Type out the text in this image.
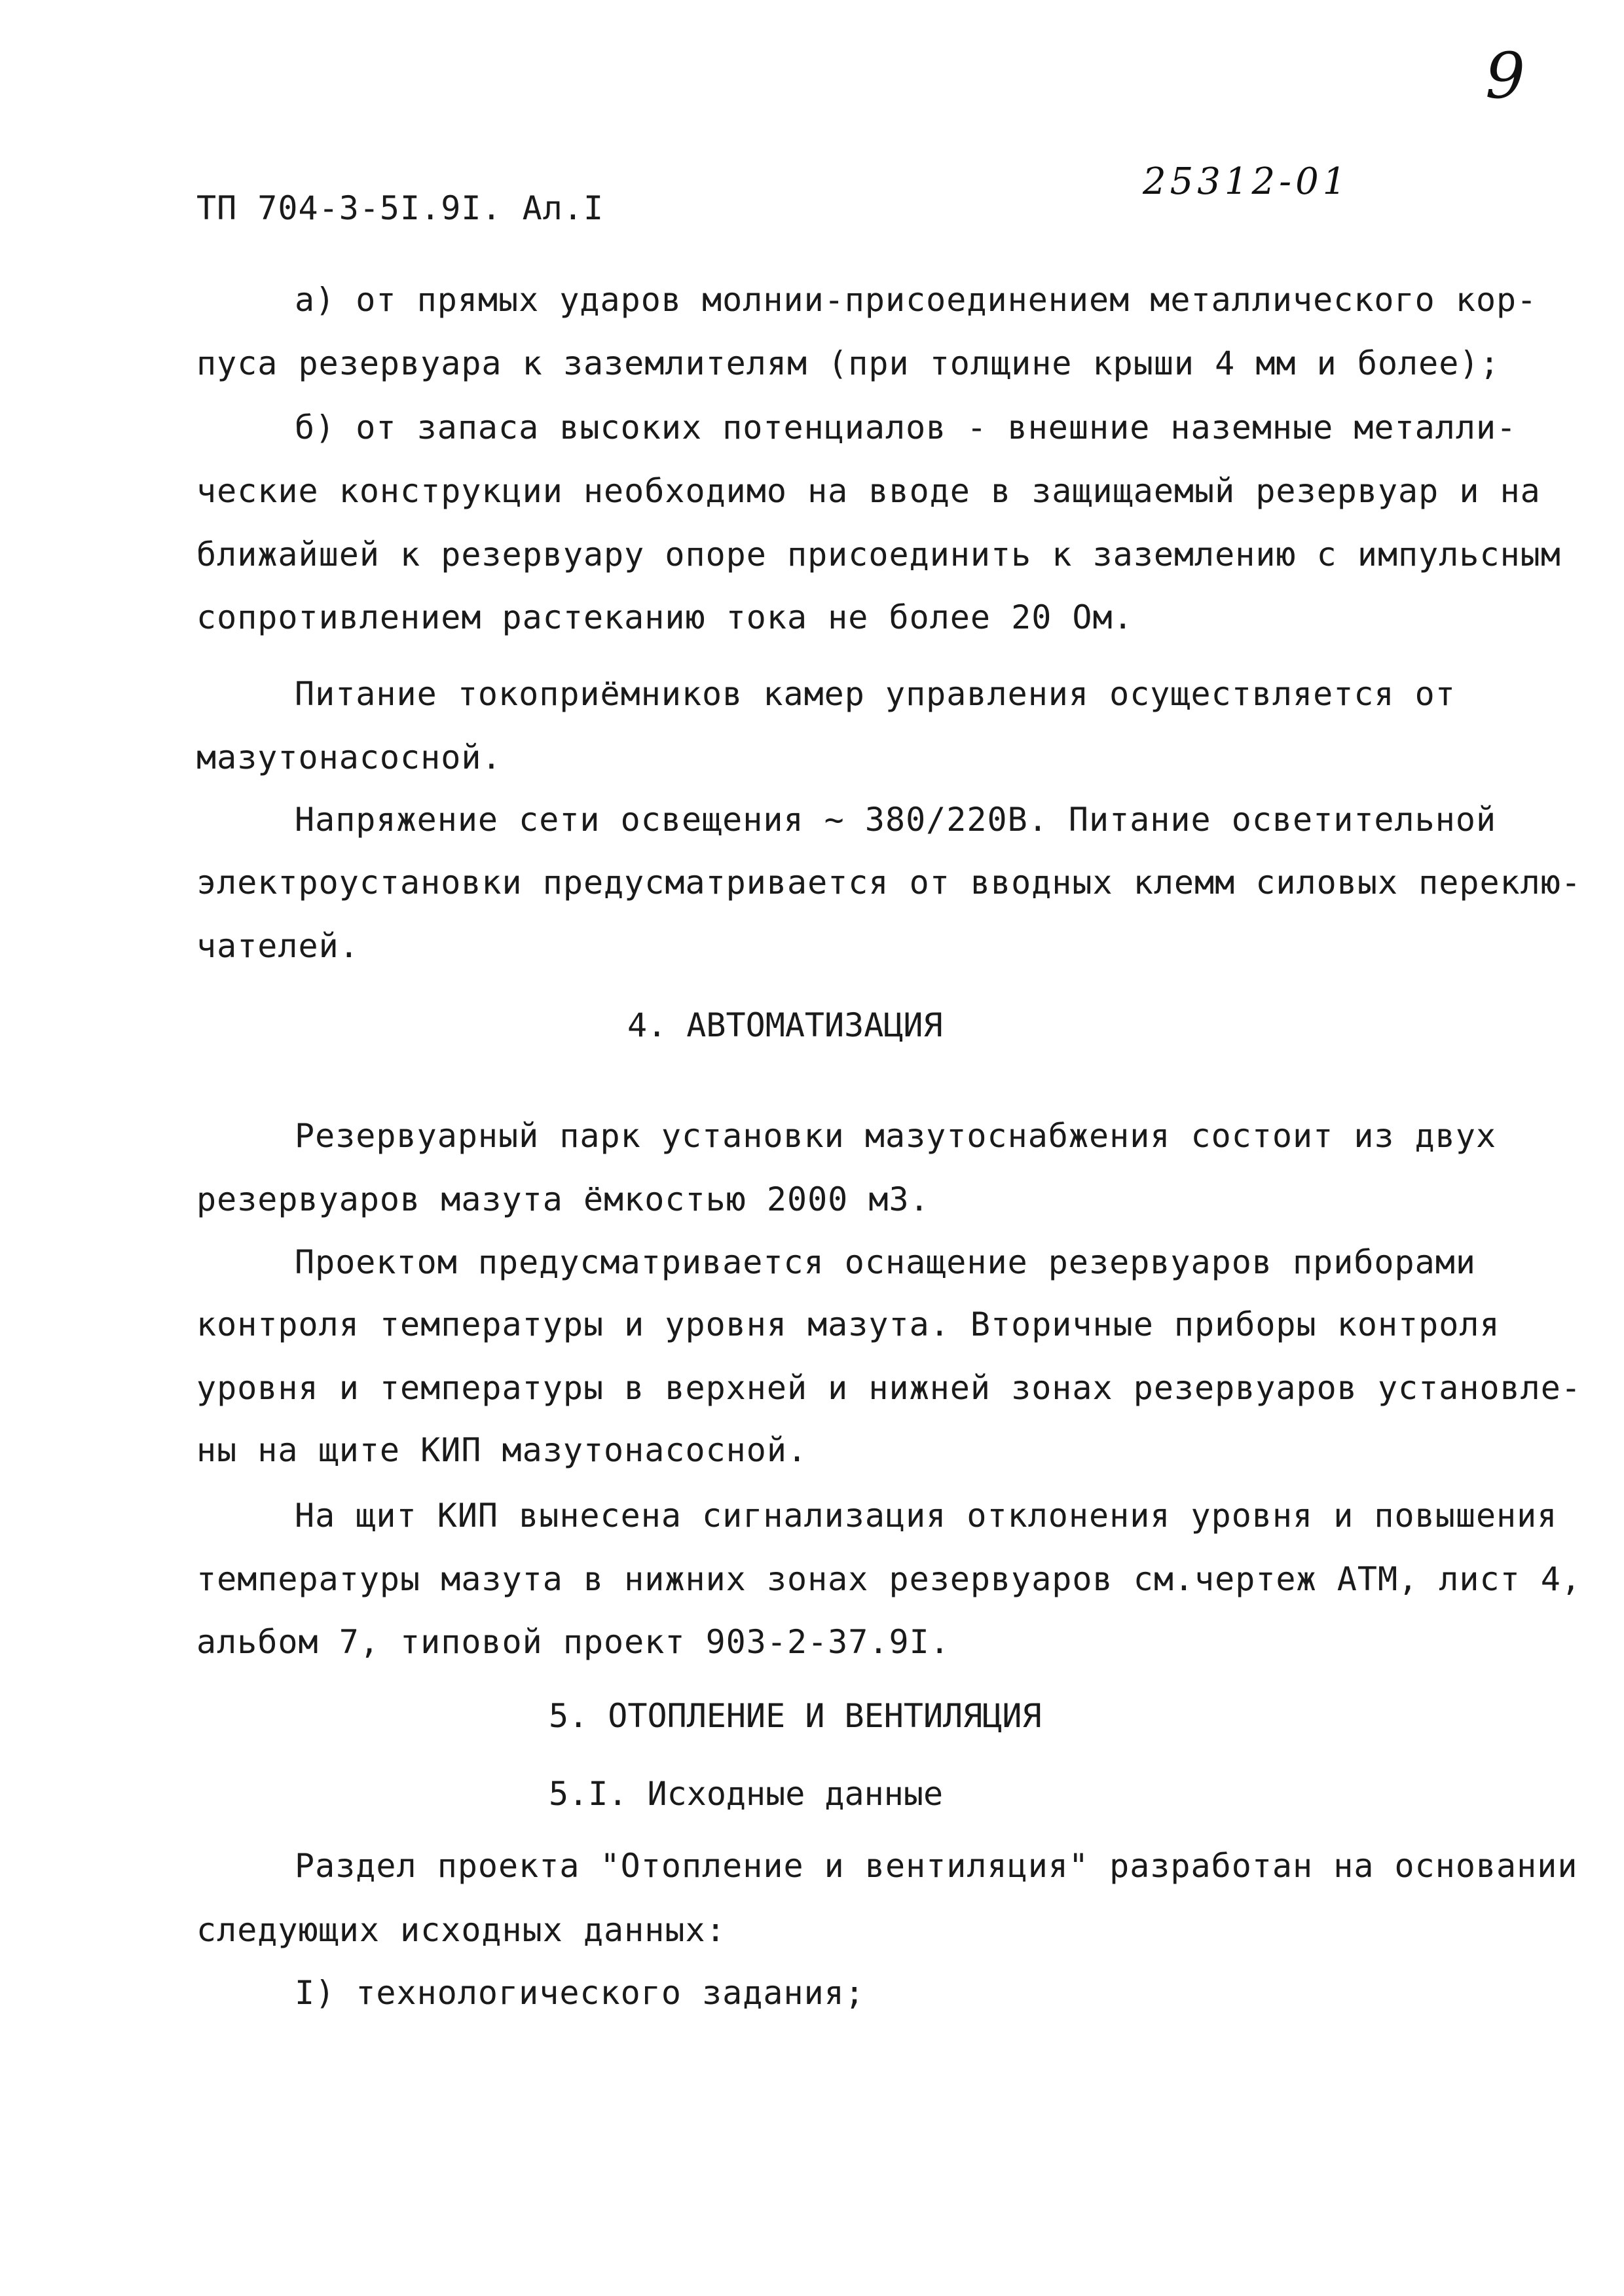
9
25312-01
ТП 704-3-5I.9I. Ал.I
а) от прямых ударов молнии-присоединением металлического кор-
пуса резервуара к заземлителям (при толщине крыши 4 мм и более);
б) от запаса высоких потенциалов - внешние наземные металли-
ческие конструкции необходимо на вводе в защищаемый резервуар и на
ближайшей к резервуару опоре присоединить к заземлению с импульсным
сопротивлением растеканию тока не более 20 Ом.
Питание токоприёмников камер управления осуществляется от
мазутонасосной.
Напряжение сети освещения ~ 380/220В. Питание осветительной
электроустановки предусматривается от вводных клемм силовых переклю-
чателей.
4. АВТОМАТИЗАЦИЯ
Резервуарный парк установки мазутоснабжения состоит из двух
резервуаров мазута ёмкостью 2000 м3.
Проектом предусматривается оснащение резервуаров приборами
контроля температуры и уровня мазута. Вторичные приборы контроля
уровня и температуры в верхней и нижней зонах резервуаров установле-
ны на щите КИП мазутонасосной.
На щит КИП вынесена сигнализация отклонения уровня и повышения
температуры мазута в нижних зонах резервуаров см.чертеж АТМ, лист 4,
альбом 7, типовой проект 903-2-37.9I.
5. ОТОПЛЕНИЕ И ВЕНТИЛЯЦИЯ
5.I. Исходные данные
Раздел проекта "Отопление и вентиляция" разработан на основании
следующих исходных данных:
I) технологического задания;
